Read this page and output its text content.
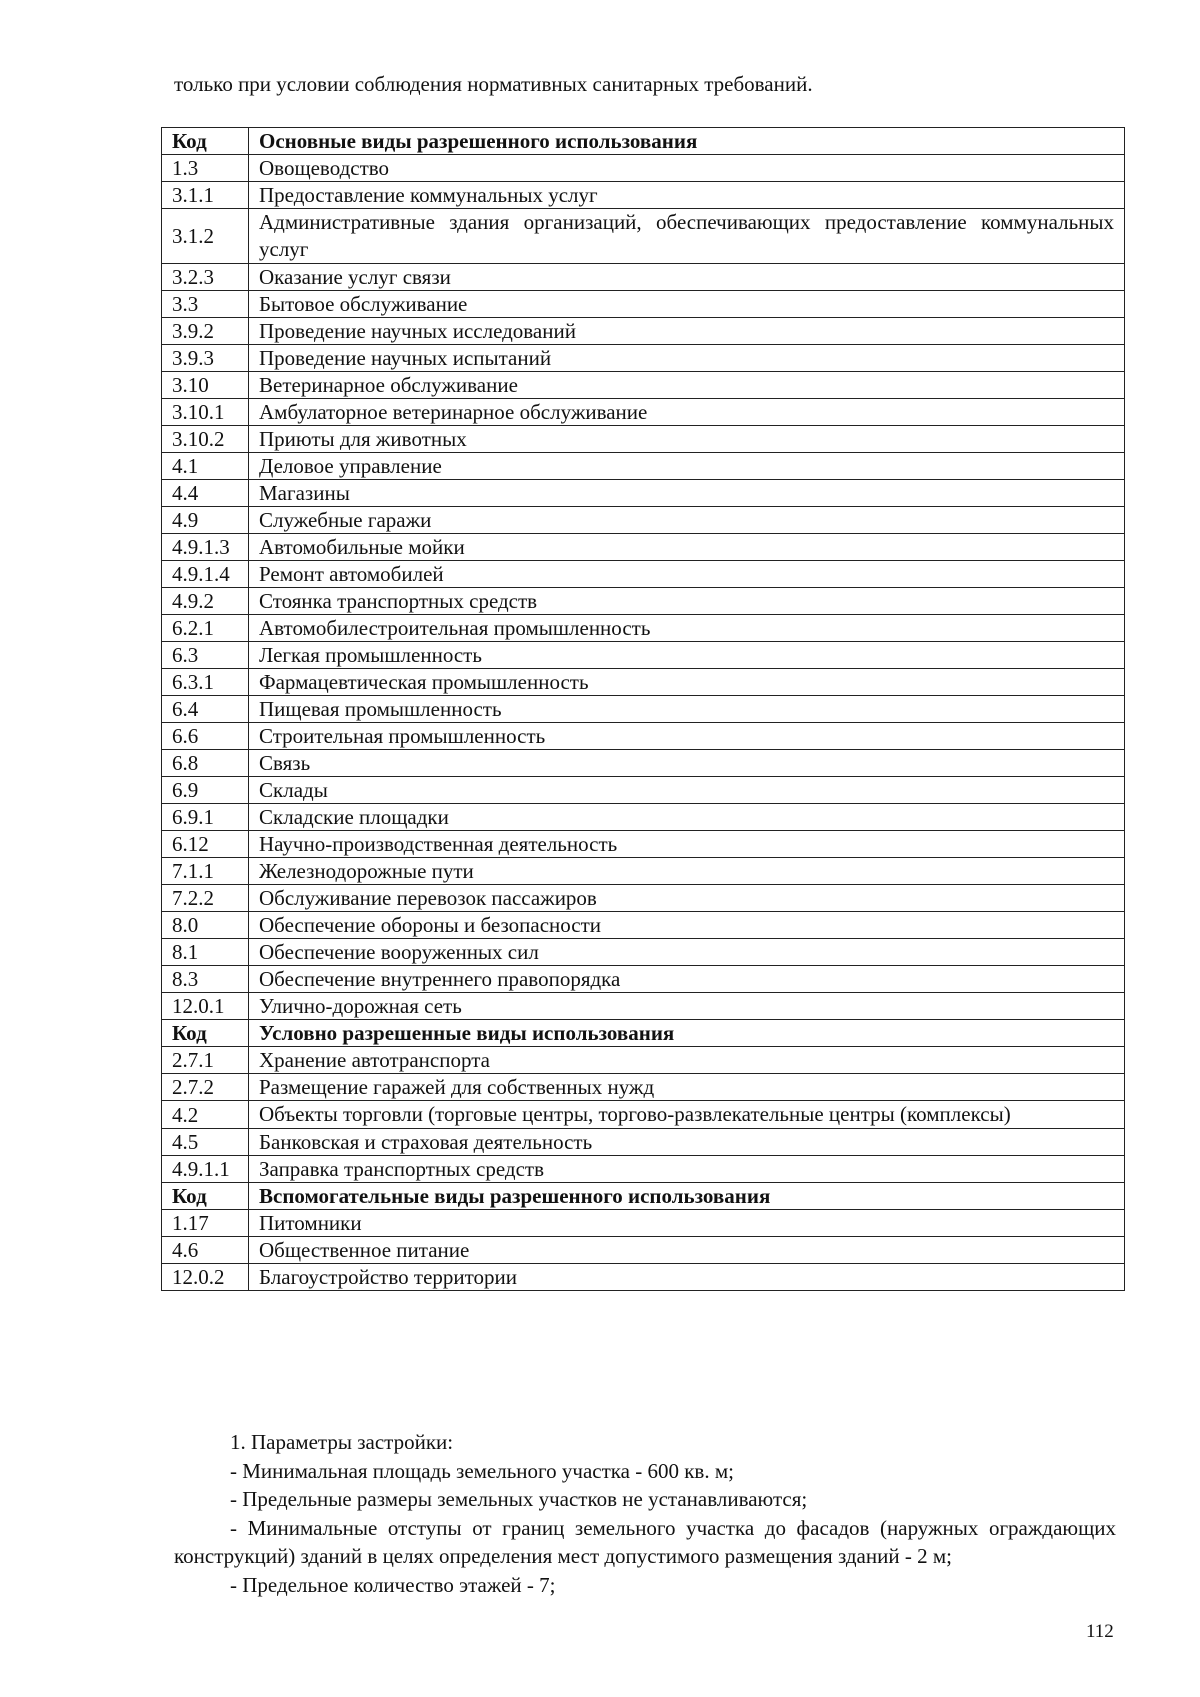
только при условии соблюдения нормативных санитарных требований.

Код	Основные виды разрешенного использования
1.3	Овощеводство
3.1.1	Предоставление коммунальных услуг
3.1.2	Административные здания организаций, обеспечивающих предоставление коммунальных услуг
3.2.3	Оказание услуг связи
3.3	Бытовое обслуживание
3.9.2	Проведение научных исследований
3.9.3	Проведение научных испытаний
3.10	Ветеринарное обслуживание
3.10.1	Амбулаторное ветеринарное обслуживание
3.10.2	Приюты для животных
4.1	Деловое управление
4.4	Магазины
4.9	Служебные гаражи
4.9.1.3	Автомобильные мойки
4.9.1.4	Ремонт автомобилей
4.9.2	Стоянка транспортных средств
6.2.1	Автомобилестроительная промышленность
6.3	Легкая промышленность
6.3.1	Фармацевтическая промышленность
6.4	Пищевая промышленность
6.6	Строительная промышленность
6.8	Связь
6.9	Склады
6.9.1	Складские площадки
6.12	Научно-производственная деятельность
7.1.1	Железнодорожные пути
7.2.2	Обслуживание перевозок пассажиров
8.0	Обеспечение обороны и безопасности
8.1	Обеспечение вооруженных сил
8.3	Обеспечение внутреннего правопорядка
12.0.1	Улично-дорожная сеть
Код	Условно разрешенные виды использования
2.7.1	Хранение автотранспорта
2.7.2	Размещение гаражей для собственных нужд
4.2	Объекты торговли (торговые центры, торгово-развлекательные центры (комплексы)
4.5	Банковская и страховая деятельность
4.9.1.1	Заправка транспортных средств
Код	Вспомогательные виды разрешенного использования
1.17	Питомники
4.6	Общественное питание
12.0.2	Благоустройство территории

1. Параметры застройки:

- Минимальная площадь земельного участка - 600 кв. м;

- Предельные размеры земельных участков не устанавливаются;

- Минимальные отступы от границ земельного участка до фасадов (наружных ограждающих конструкций) зданий в целях определения мест допустимого размещения зданий - 2 м;

- Предельное количество этажей - 7;

112
